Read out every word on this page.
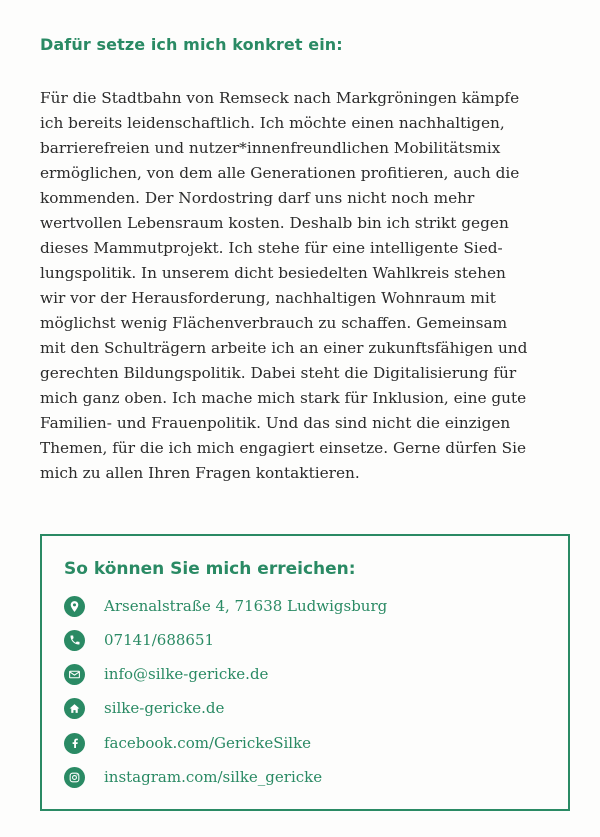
Dafür setze ich mich konkret ein:
Für die Stadtbahn von Remseck nach Markgröningen kämpfe
ich bereits leidenschaftlich. Ich möchte einen nachhaltigen,
barrierefreien und nutzer*innenfreundlichen Mobilitätsmix
ermöglichen, von dem alle Generationen profitieren, auch die
kommenden. Der Nordostring darf uns nicht noch mehr
wertvollen Lebensraum kosten. Deshalb bin ich strikt gegen
dieses Mammutprojekt. Ich stehe für eine intelligente Sied-
lungspolitik. In unserem dicht besiedelten Wahlkreis stehen
wir vor der Herausforderung, nachhaltigen Wohnraum mit
möglichst wenig Flächenverbrauch zu schaffen. Gemeinsam
mit den Schulträgern arbeite ich an einer zukunftsfähigen und
gerechten Bildungspolitik. Dabei steht die Digitalisierung für
mich ganz oben. Ich mache mich stark für Inklusion, eine gute
Familien- und Frauenpolitik. Und das sind nicht die einzigen
Themen, für die ich mich engagiert einsetze. Gerne dürfen Sie
mich zu allen Ihren Fragen kontaktieren.
So können Sie mich erreichen:
Arsenalstraße 4, 71638 Ludwigsburg
07141/688651
info@silke-gericke.de
silke-gericke.de
facebook.com/GerickeSilke
instagram.com/silke_gericke
